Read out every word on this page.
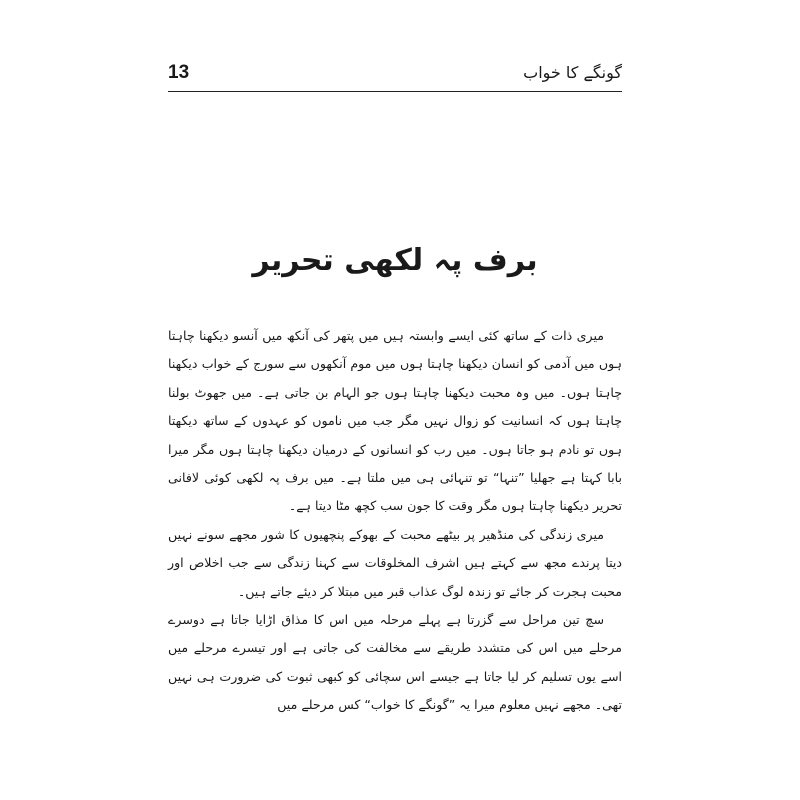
13	گونگے کا خواب
برف پہ لکھی تحریر

میری ذات کے ساتھ کئی ایسے وابستہ ہیں میں پتھر کی آنکھ میں آنسو دیکھنا چاہتا ہوں میں آدمی کو انسان دیکھنا چاہتا ہوں میں موم آنکھوں سے سورج کے خواب دیکھنا چاہتا ہوں۔ میں وہ محبت دیکھنا چاہتا ہوں جو الہام بن جاتی ہے۔ میں جھوٹ بولنا چاہتا ہوں کہ انسانیت کو زوال نہیں مگر جب میں ناموں کو عہدوں کے ساتھ دیکھتا ہوں تو نادم ہو جاتا ہوں۔ میں رب کو انسانوں کے درمیان دیکھنا چاہتا ہوں مگر میرا بابا کہتا ہے جھلیا ”تنہا“ تو تنہائی ہی میں ملتا ہے۔ میں برف پہ لکھی کوئی لافانی تحریر دیکھنا چاہتا ہوں مگر وقت کا جون سب کچھ مٹا دیتا ہے۔

میری زندگی کی منڈھیر پر بیٹھے محبت کے بھوکے پنچھیوں کا شور مجھے سونے نہیں دیتا پرندے مجھ سے کہتے ہیں اشرف المخلوقات سے کہنا زندگی سے جب اخلاص اور محبت ہجرت کر جائے تو زندہ لوگ عذاب قبر میں مبتلا کر دیئے جاتے ہیں۔

سچ تین مراحل سے گزرتا ہے پہلے مرحلہ میں اس کا مذاق اڑایا جاتا ہے دوسرے مرحلے میں اس کی متشدد طریقے سے مخالفت کی جاتی ہے اور تیسرے مرحلے میں اسے یوں تسلیم کر لیا جاتا ہے جیسے اس سچائی کو کبھی ثبوت کی ضرورت ہی نہیں تھی۔ مجھے نہیں معلوم میرا یہ ”گونگے کا خواب“ کس مرحلے میں
